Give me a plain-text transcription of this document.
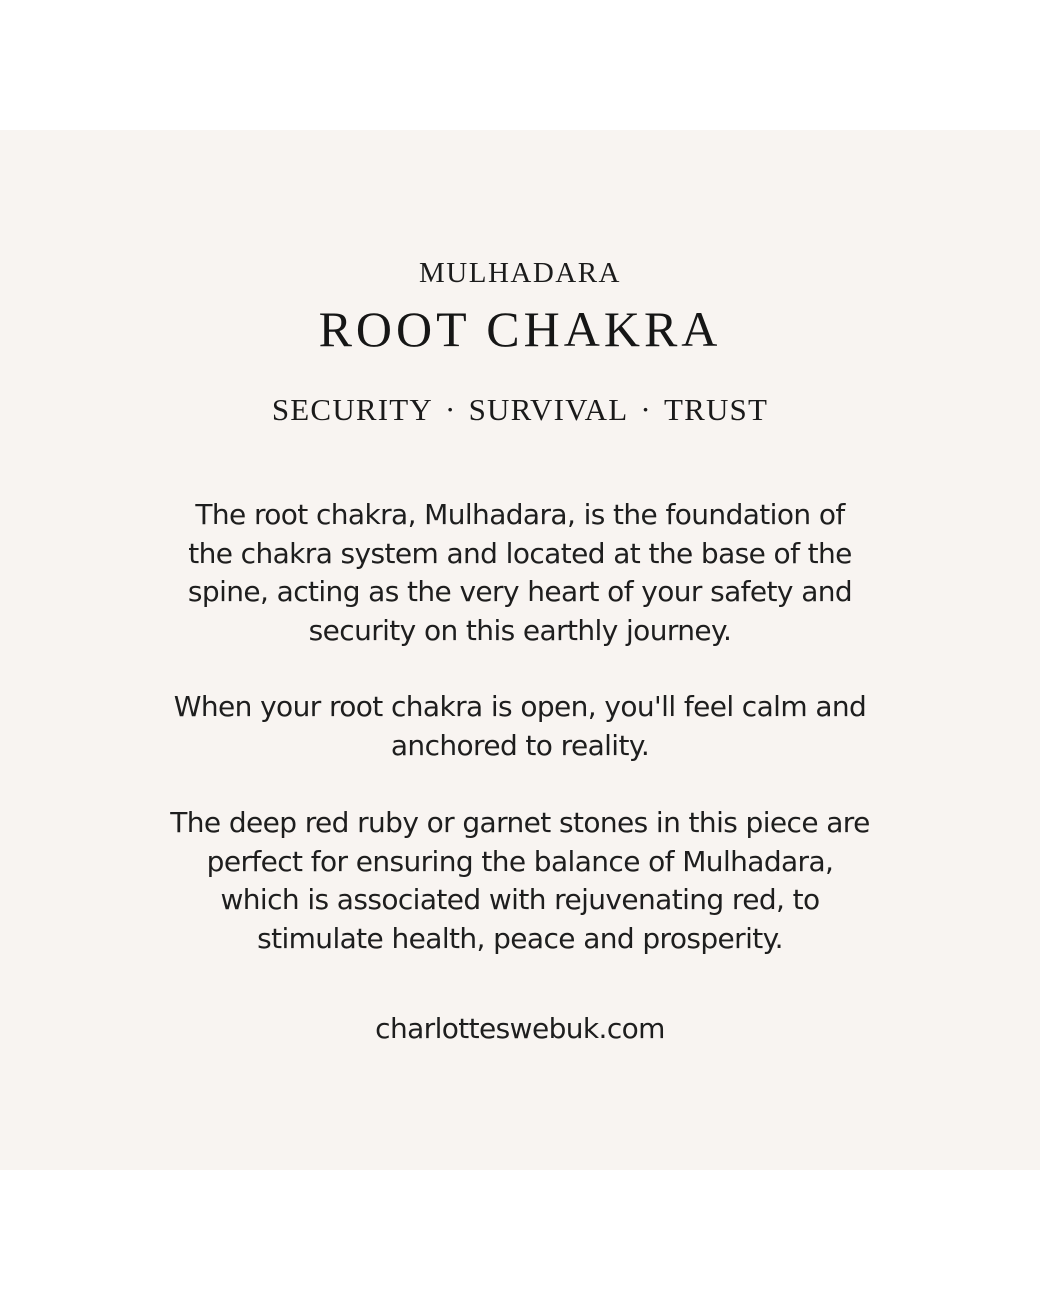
MULHADARA
ROOT CHAKRA
SECURITY · SURVIVAL · TRUST
The root chakra, Mulhadara, is the foundation of
the chakra system and located at the base of the
spine, acting as the very heart of your safety and
security on this earthly journey.
When your root chakra is open, you'll feel calm and
anchored to reality.
The deep red ruby or garnet stones in this piece are
perfect for ensuring the balance of Mulhadara,
which is associated with rejuvenating red, to
stimulate health, peace and prosperity.
charlotteswebuk.com
